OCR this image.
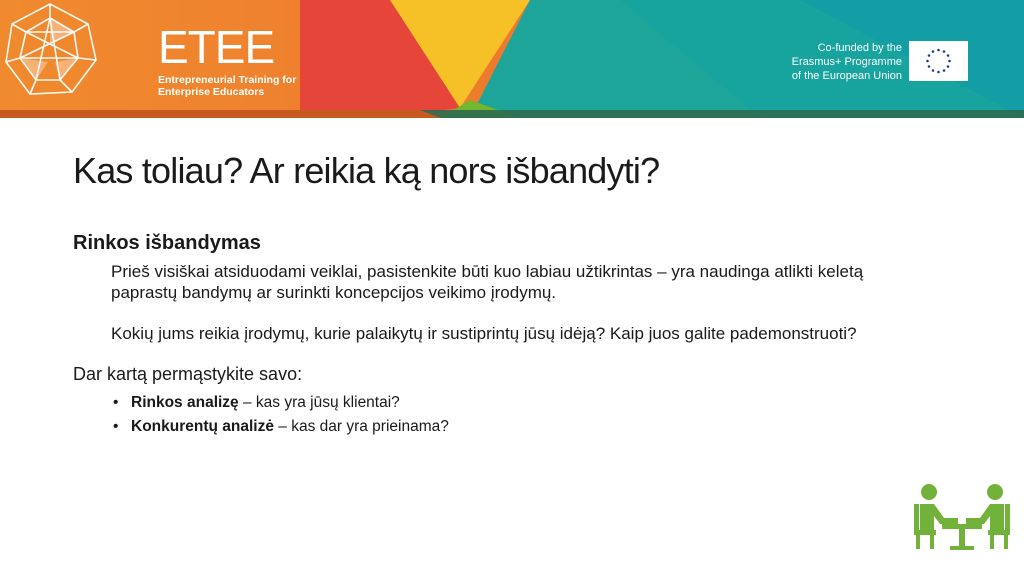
ETEE
Entrepreneurial Training for
Enterprise Educators
Co-funded by the
Erasmus+ Programme
of the European Union
Kas toliau? Ar reikia ką nors išbandyti?
Rinkos išbandymas
Prieš visiškai atsiduodami veiklai, pasistenkite būti kuo labiau užtikrintas – yra naudinga atlikti keletą paprastų bandymų ar surinkti koncepcijos veikimo įrodymų.
Kokių jums reikia įrodymų, kurie palaikytų ir sustiprintų jūsų idėją? Kaip juos galite pademonstruoti?
Dar kartą permąstykite savo:
• Rinkos analizę – kas yra jūsų klientai?
• Konkurentų analizė – kas dar yra prieinama?
